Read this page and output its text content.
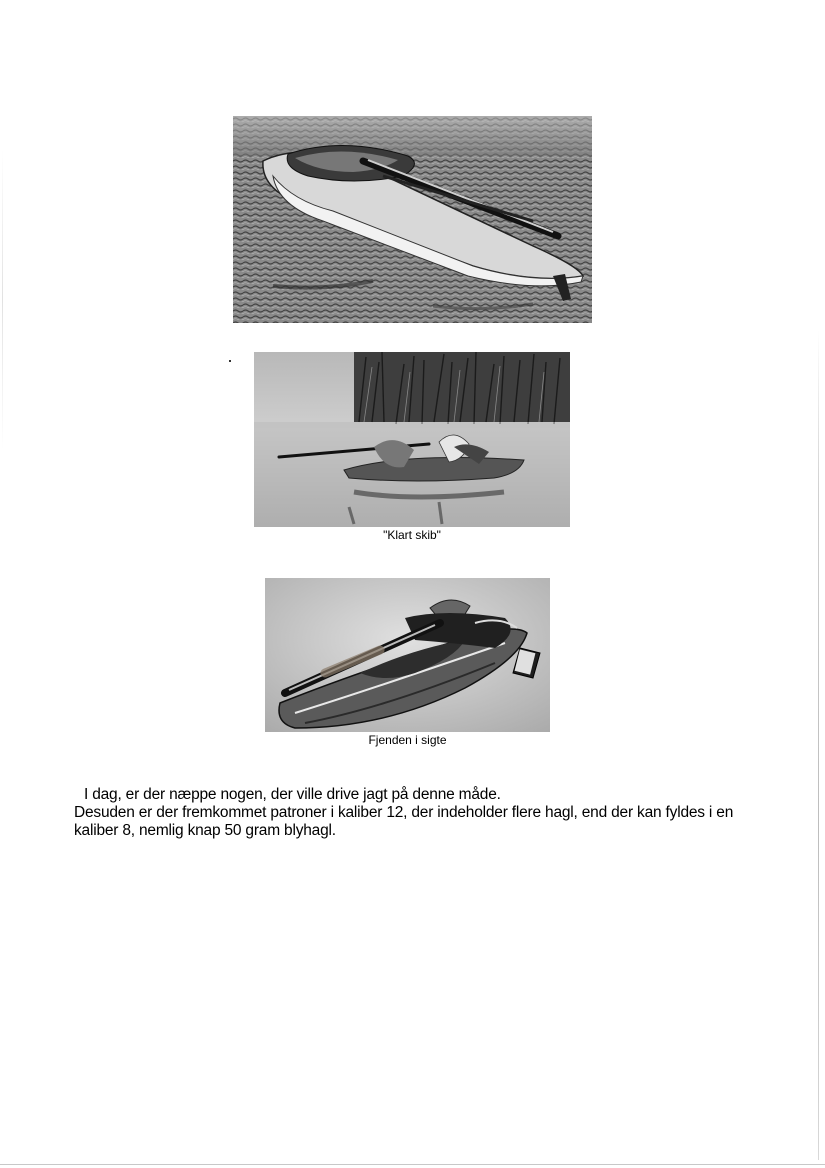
"Klart skib"
Fjenden i sigte

I dag, er der næppe nogen, der ville drive jagt på denne måde.

Desuden er der fremkommet patroner i kaliber 12, der indeholder flere hagl, end der kan fyldes i en kaliber 8, nemlig knap 50 gram blyhagl.
